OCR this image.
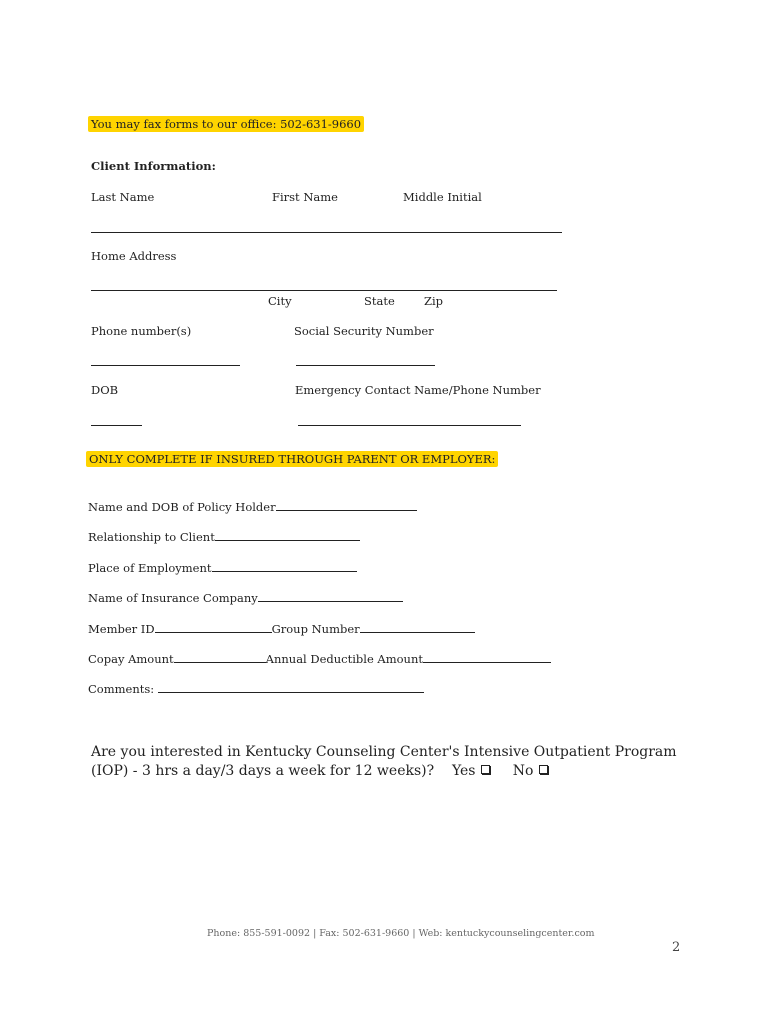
You may fax forms to our office: 502-631-9660
Client Information:
Last Name	First Name	Middle Initial
Home Address
City	State	Zip
Phone number(s)	Social Security Number
DOB	Emergency Contact Name/Phone Number
ONLY COMPLETE IF INSURED THROUGH PARENT OR EMPLOYER:
Name and DOB of Policy Holder
Relationship to Client
Place of Employment
Name of Insurance Company
Member ID	Group Number
Copay Amount	Annual Deductible Amount
Comments:
Are you interested in Kentucky Counseling Center's Intensive Outpatient Program (IOP) - 3 hrs a day/3 days a week for 12 weeks)? Yes	No
Phone: 855-591-0092 | Fax: 502-631-9660 | Web: kentuckycounselingcenter.com
2
